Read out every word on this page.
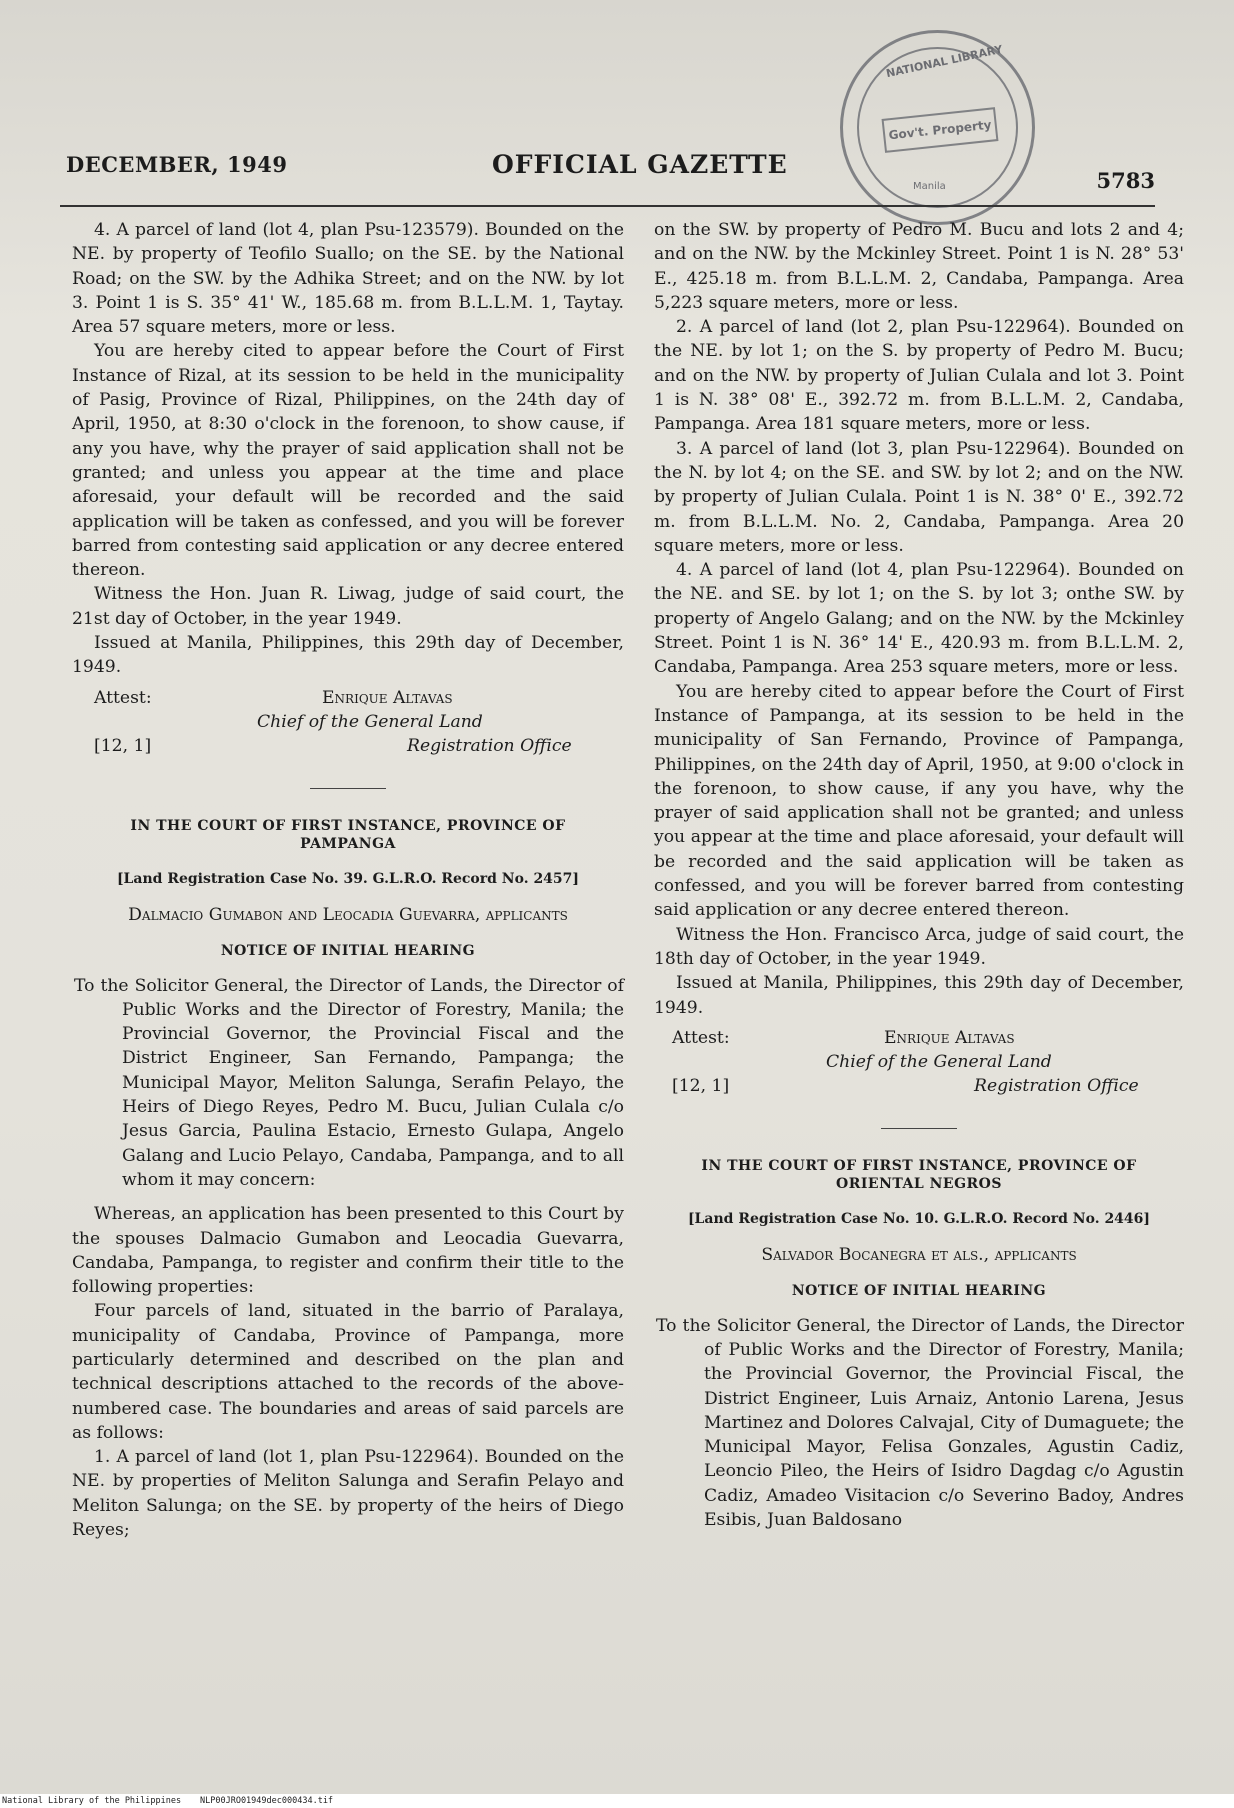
NATIONAL LIBRARY
Gov't. Property
Manila
DECEMBER, 1949	OFFICIAL GAZETTE
5783

4. A parcel of land (lot 4, plan Psu-123579). Bounded on the NE. by property of Teofilo Suallo; on the SE. by the National Road; on the SW. by the Adhika Street; and on the NW. by lot 3. Point 1 is S. 35° 41' W., 185.68 m. from B.L.L.M. 1, Taytay. Area 57 square meters, more or less.

You are hereby cited to appear before the Court of First Instance of Rizal, at its session to be held in the municipality of Pasig, Province of Rizal, Philippines, on the 24th day of April, 1950, at 8:30 o'clock in the forenoon, to show cause, if any you have, why the prayer of said application shall not be granted; and unless you appear at the time and place aforesaid, your default will be recorded and the said application will be taken as confessed, and you will be forever barred from contesting said application or any decree entered thereon.

Witness the Hon. Juan R. Liwag, judge of said court, the 21st day of October, in the year 1949.

Issued at Manila, Philippines, this 29th day of December, 1949.

Attest:	Enrique Altavas
Chief of the General Land
[12, 1]	Registration Office
IN THE COURT OF FIRST INSTANCE, PROVINCE OF PAMPANGA
[Land Registration Case No. 39. G.L.R.O. Record No. 2457]
Dalmacio Gumabon and Leocadia Guevarra, applicants
NOTICE OF INITIAL HEARING

To the Solicitor General, the Director of Lands, the Director of Public Works and the Director of Forestry, Manila; the Provincial Governor, the Provincial Fiscal and the District Engineer, San Fernando, Pampanga; the Municipal Mayor, Meliton Salunga, Serafin Pelayo, the Heirs of Diego Reyes, Pedro M. Bucu, Julian Culala c/o Jesus Garcia, Paulina Estacio, Ernesto Gulapa, Angelo Galang and Lucio Pelayo, Candaba, Pampanga, and to all whom it may concern:

Whereas, an application has been presented to this Court by the spouses Dalmacio Gumabon and Leocadia Guevarra, Candaba, Pampanga, to register and confirm their title to the following properties:

Four parcels of land, situated in the barrio of Paralaya, municipality of Candaba, Province of Pampanga, more particularly determined and described on the plan and technical descriptions attached to the records of the above-numbered case. The boundaries and areas of said parcels are as follows:

1. A parcel of land (lot 1, plan Psu-122964). Bounded on the NE. by properties of Meliton Salunga and Serafin Pelayo and Meliton Salunga; on the SE. by property of the heirs of Diego Reyes;

on the SW. by property of Pedro M. Bucu and lots 2 and 4; and on the NW. by the Mckinley Street. Point 1 is N. 28° 53' E., 425.18 m. from B.L.L.M. 2, Candaba, Pampanga. Area 5,223 square meters, more or less.

2. A parcel of land (lot 2, plan Psu-122964). Bounded on the NE. by lot 1; on the S. by property of Pedro M. Bucu; and on the NW. by property of Julian Culala and lot 3. Point 1 is N. 38° 08' E., 392.72 m. from B.L.L.M. 2, Candaba, Pampanga. Area 181 square meters, more or less.

3. A parcel of land (lot 3, plan Psu-122964). Bounded on the N. by lot 4; on the SE. and SW. by lot 2; and on the NW. by property of Julian Culala. Point 1 is N. 38° 0' E., 392.72 m. from B.L.L.M. No. 2, Candaba, Pampanga. Area 20 square meters, more or less.

4. A parcel of land (lot 4, plan Psu-122964). Bounded on the NE. and SE. by lot 1; on the S. by lot 3; onthe SW. by property of Angelo Galang; and on the NW. by the Mckinley Street. Point 1 is N. 36° 14' E., 420.93 m. from B.L.L.M. 2, Candaba, Pampanga. Area 253 square meters, more or less.

You are hereby cited to appear before the Court of First Instance of Pampanga, at its session to be held in the municipality of San Fernando, Province of Pampanga, Philippines, on the 24th day of April, 1950, at 9:00 o'clock in the forenoon, to show cause, if any you have, why the prayer of said application shall not be granted; and unless you appear at the time and place aforesaid, your default will be recorded and the said application will be taken as confessed, and you will be forever barred from contesting said application or any decree entered thereon.

Witness the Hon. Francisco Arca, judge of said court, the 18th day of October, in the year 1949.

Issued at Manila, Philippines, this 29th day of December, 1949.

Attest:	Enrique Altavas
Chief of the General Land
[12, 1]	Registration Office
IN THE COURT OF FIRST INSTANCE, PROVINCE OF ORIENTAL NEGROS
[Land Registration Case No. 10. G.L.R.O. Record No. 2446]
Salvador Bocanegra et als., applicants
NOTICE OF INITIAL HEARING

To the Solicitor General, the Director of Lands, the Director of Public Works and the Director of Forestry, Manila; the Provincial Governor, the Provincial Fiscal, the District Engineer, Luis Arnaiz, Antonio Larena, Jesus Martinez and Dolores Calvajal, City of Dumaguete; the Municipal Mayor, Felisa Gonzales, Agustin Cadiz, Leoncio Pileo, the Heirs of Isidro Dagdag c/o Agustin Cadiz, Amadeo Visitacion c/o Severino Badoy, Andres Esibis, Juan Baldosano

National Library of the Philippines NLP00JRO01949dec000434.tif
